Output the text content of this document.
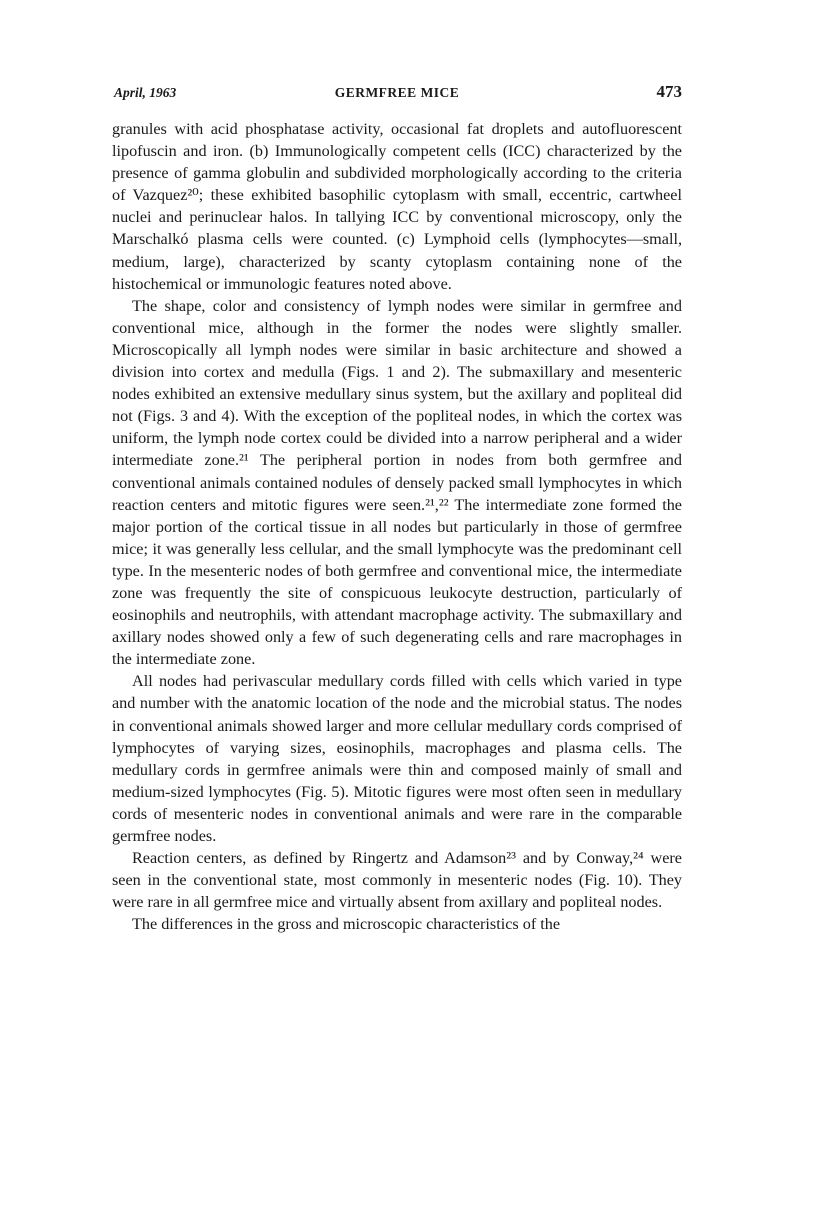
April, 1963	GERMFREE MICE	473

granules with acid phosphatase activity, occasional fat droplets and autofluorescent lipofuscin and iron. (b) Immunologically competent cells (ICC) characterized by the presence of gamma globulin and subdivided morphologically according to the criteria of Vazquez²⁰; these exhibited basophilic cytoplasm with small, eccentric, cartwheel nuclei and perinuclear halos. In tallying ICC by conventional microscopy, only the Marschalkó plasma cells were counted. (c) Lymphoid cells (lymphocytes—small, medium, large), characterized by scanty cytoplasm containing none of the histochemical or immunologic features noted above.

The shape, color and consistency of lymph nodes were similar in germfree and conventional mice, although in the former the nodes were slightly smaller. Microscopically all lymph nodes were similar in basic architecture and showed a division into cortex and medulla (Figs. 1 and 2). The submaxillary and mesenteric nodes exhibited an extensive medullary sinus system, but the axillary and popliteal did not (Figs. 3 and 4). With the exception of the popliteal nodes, in which the cortex was uniform, the lymph node cortex could be divided into a narrow peripheral and a wider intermediate zone.²¹ The peripheral portion in nodes from both germfree and conventional animals contained nodules of densely packed small lymphocytes in which reaction centers and mitotic figures were seen.²¹,²² The intermediate zone formed the major portion of the cortical tissue in all nodes but particularly in those of germfree mice; it was generally less cellular, and the small lymphocyte was the predominant cell type. In the mesenteric nodes of both germfree and conventional mice, the intermediate zone was frequently the site of conspicuous leukocyte destruction, particularly of eosinophils and neutrophils, with attendant macrophage activity. The submaxillary and axillary nodes showed only a few of such degenerating cells and rare macrophages in the intermediate zone.

All nodes had perivascular medullary cords filled with cells which varied in type and number with the anatomic location of the node and the microbial status. The nodes in conventional animals showed larger and more cellular medullary cords comprised of lymphocytes of varying sizes, eosinophils, macrophages and plasma cells. The medullary cords in germfree animals were thin and composed mainly of small and medium-sized lymphocytes (Fig. 5). Mitotic figures were most often seen in medullary cords of mesenteric nodes in conventional animals and were rare in the comparable germfree nodes.

Reaction centers, as defined by Ringertz and Adamson²³ and by Conway,²⁴ were seen in the conventional state, most commonly in mesenteric nodes (Fig. 10). They were rare in all germfree mice and virtually absent from axillary and popliteal nodes.

The differences in the gross and microscopic characteristics of the
